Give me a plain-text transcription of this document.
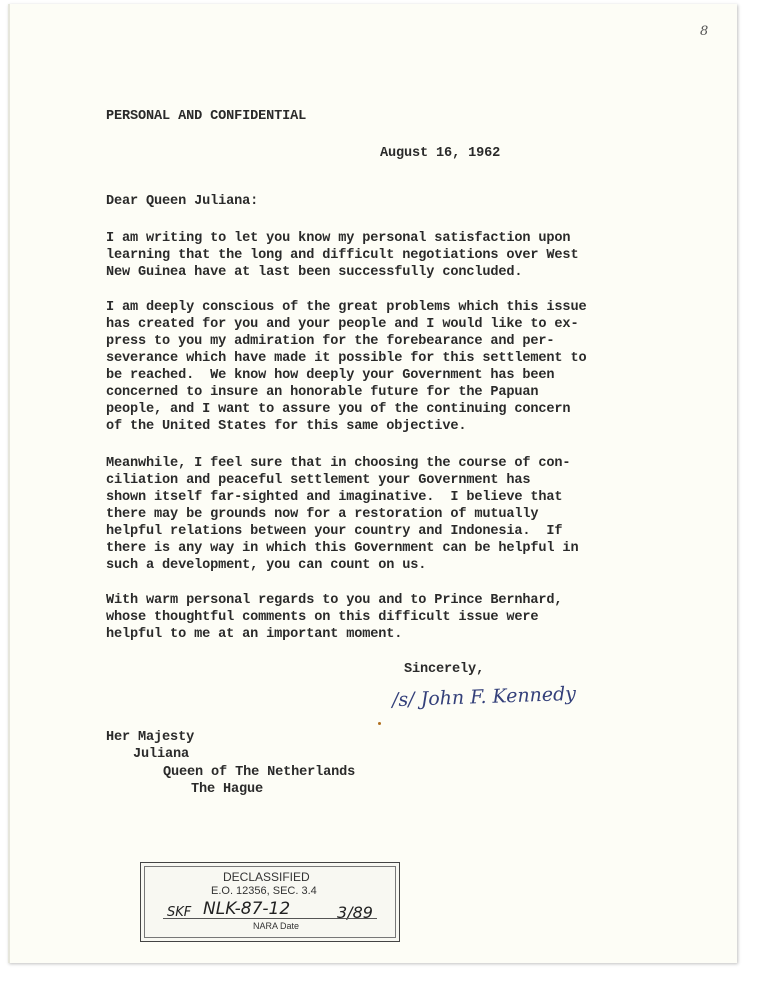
8
PERSONAL AND CONFIDENTIAL
August 16, 1962
Dear Queen Juliana:
I am writing to let you know my personal satisfaction upon
learning that the long and difficult negotiations over West
New Guinea have at last been successfully concluded.
I am deeply conscious of the great problems which this issue
has created for you and your people and I would like to ex-
press to you my admiration for the forebearance and per-
severance which have made it possible for this settlement to
be reached.  We know how deeply your Government has been
concerned to insure an honorable future for the Papuan
people, and I want to assure you of the continuing concern
of the United States for this same objective.
Meanwhile, I feel sure that in choosing the course of con-
ciliation and peaceful settlement your Government has
shown itself far-sighted and imaginative.  I believe that
there may be grounds now for a restoration of mutually
helpful relations between your country and Indonesia.  If
there is any way in which this Government can be helpful in
such a development, you can count on us.
With warm personal regards to you and to Prince Bernhard,
whose thoughtful comments on this difficult issue were
helpful to me at an important moment.
Sincerely,
/s/ John F. Kennedy
Her Majesty
Juliana
Queen of The Netherlands
The Hague
DECLASSIFIED
E.O. 12356, SEC. 3.4
SKF NLK-87-12	3/89
NARA Date
